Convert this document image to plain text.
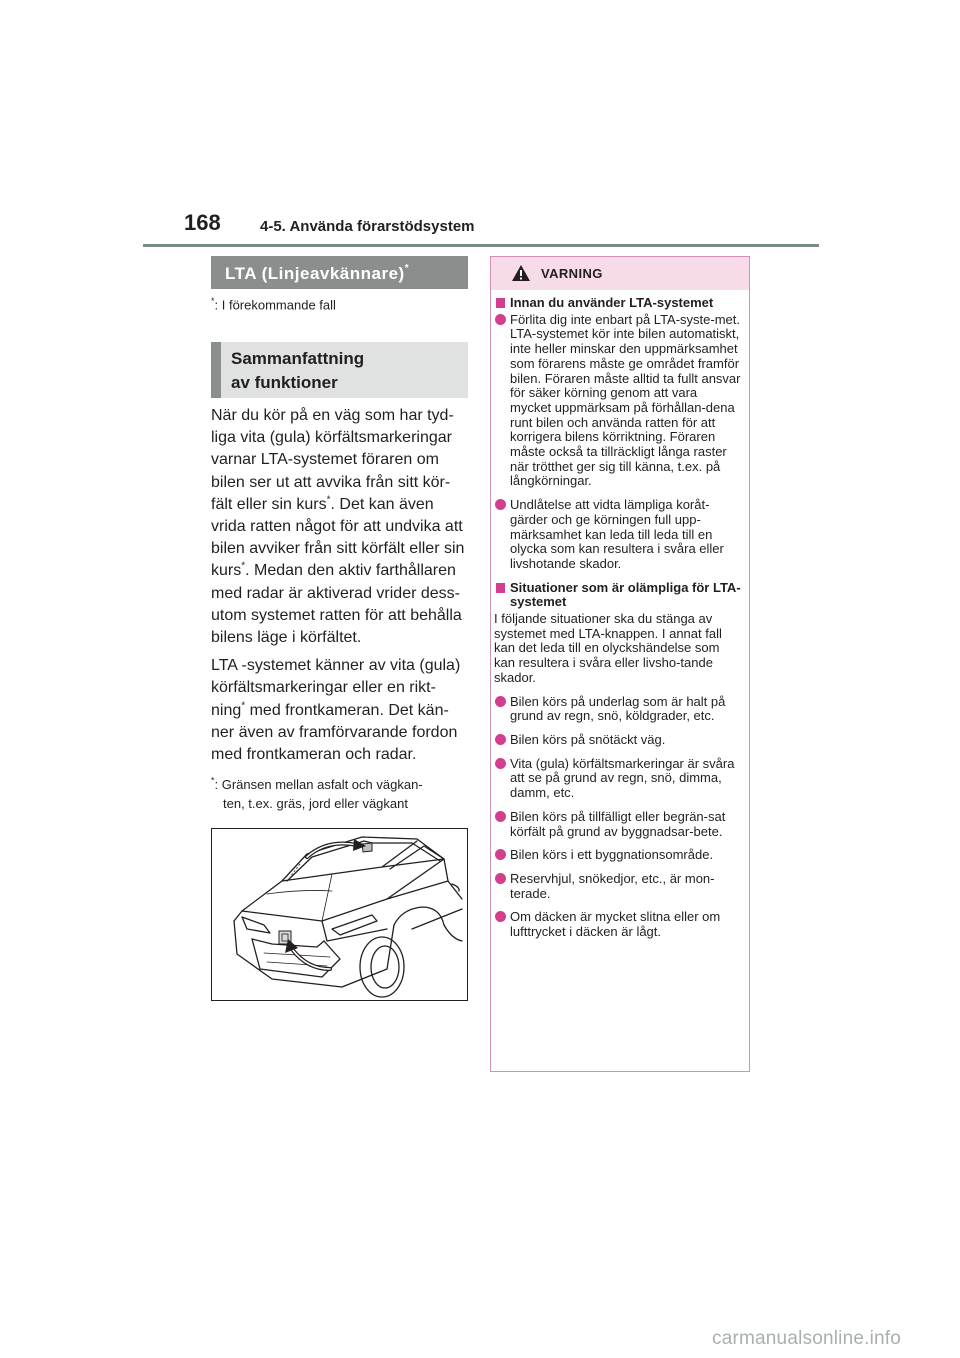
168	4-5. Använda förarstödsystem
LTA (Linjeavkännare)*
*: I förekommande fall
Sammanfattning
av funktioner

När du kör på en väg som har tyd-liga vita (gula) körfältsmarkeringar varnar LTA-systemet föraren om bilen ser ut att avvika från sitt kör-fält eller sin kurs*. Det kan även vrida ratten något för att undvika att bilen avviker från sitt körfält eller sin kurs*. Medan den aktiv farthållaren med radar är aktiverad vrider dess-utom systemet ratten för att behålla bilens läge i körfältet.

LTA -systemet känner av vita (gula) körfältsmarkeringar eller en rikt-ning* med frontkameran. Det kän-ner även av framförvarande fordon med frontkameran och radar.

*: Gränsen mellan asfalt och vägkan-
ten, t.ex. gräs, jord eller vägkant
VARNING
Innan du använder LTA-systemet
Förlita dig inte enbart på LTA-syste-met. LTA-systemet kör inte bilen automatiskt, inte heller minskar den uppmärksamhet som förarens måste ge området framför bilen. Föraren måste alltid ta fullt ansvar för säker körning genom att vara mycket uppmärksam på förhållan-dena runt bilen och använda ratten för att korrigera bilens körriktning. Föraren måste också ta tillräckligt långa raster när trötthet ger sig till känna, t.ex. på långkörningar.
Undlåtelse att vidta lämpliga koråt-gärder och ge körningen full upp-märksamhet kan leda till leda till en olycka som kan resultera i svåra eller livshotande skador.
Situationer som är olämpliga för LTA-systemet
I följande situationer ska du stänga av systemet med LTA-knappen. I annat fall kan det leda till en olyckshändelse som kan resultera i svåra eller livsho-tande skador.
Bilen körs på underlag som är halt på grund av regn, snö, köldgrader, etc.
Bilen körs på snötäckt väg.
Vita (gula) körfältsmarkeringar är svåra att se på grund av regn, snö, dimma, damm, etc.
Bilen körs på tillfälligt eller begrän-sat körfält på grund av byggnadsar-bete.
Bilen körs i ett byggnationsområde.
Reservhjul, snökedjor, etc., är mon-terade.
Om däcken är mycket slitna eller om lufttrycket i däcken är lågt.
carmanualsonline.info
